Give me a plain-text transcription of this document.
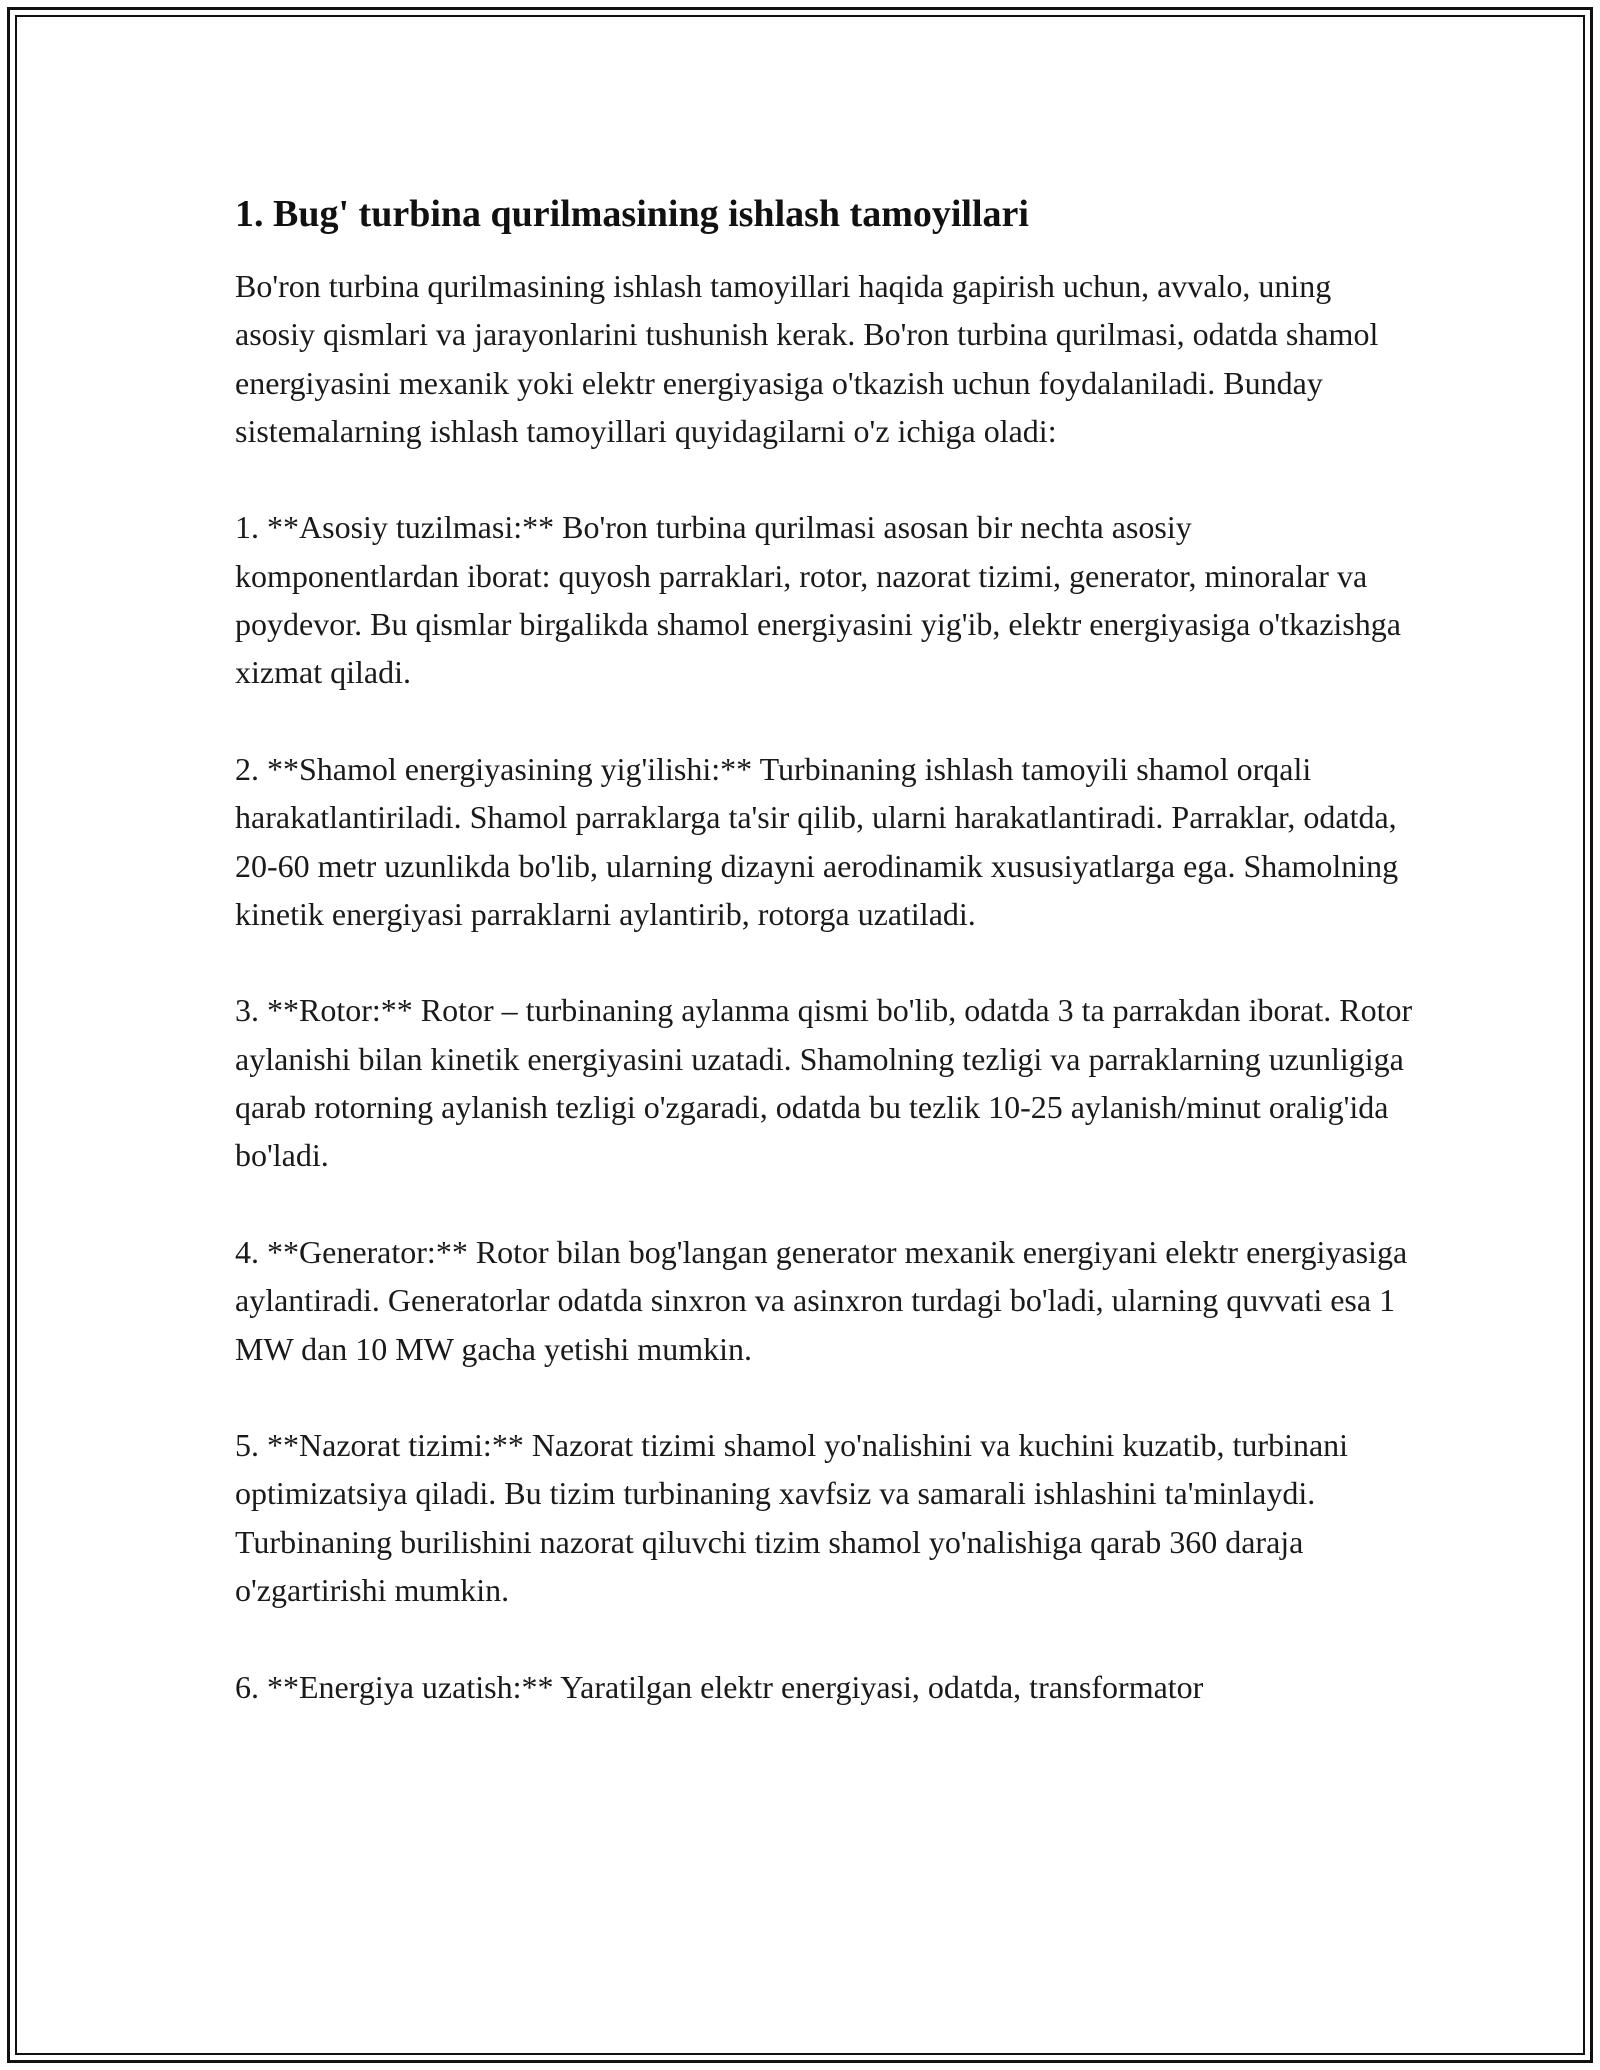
1. Bug' turbina qurilmasining ishlash tamoyillari

Bo'ron turbina qurilmasining ishlash tamoyillari haqida gapirish uchun, avvalo, uning asosiy qismlari va jarayonlarini tushunish kerak. Bo'ron turbina qurilmasi, odatda shamol energiyasini mexanik yoki elektr energiyasiga o'tkazish uchun foydalaniladi. Bunday sistemalarning ishlash tamoyillari quyidagilarni o'z ichiga oladi:

1. **Asosiy tuzilmasi:** Bo'ron turbina qurilmasi asosan bir nechta asosiy komponentlardan iborat: quyosh parraklari, rotor, nazorat tizimi, generator, minoralar va poydevor. Bu qismlar birgalikda shamol energiyasini yig'ib, elektr energiyasiga o'tkazishga xizmat qiladi.

2. **Shamol energiyasining yig'ilishi:** Turbinaning ishlash tamoyili shamol orqali harakatlantiriladi. Shamol parraklarga ta'sir qilib, ularni harakatlantiradi. Parraklar, odatda, 20-60 metr uzunlikda bo'lib, ularning dizayni aerodinamik xususiyatlarga ega. Shamolning kinetik energiyasi parraklarni aylantirib, rotorga uzatiladi.

3. **Rotor:** Rotor – turbinaning aylanma qismi bo'lib, odatda 3 ta parrakdan iborat. Rotor aylanishi bilan kinetik energiyasini uzatadi. Shamolning tezligi va parraklarning uzunligiga qarab rotorning aylanish tezligi o'zgaradi, odatda bu tezlik 10-25 aylanish/minut oralig'ida bo'ladi.

4. **Generator:** Rotor bilan bog'langan generator mexanik energiyani elektr energiyasiga aylantiradi. Generatorlar odatda sinxron va asinxron turdagi bo'ladi, ularning quvvati esa 1 MW dan 10 MW gacha yetishi mumkin.

5. **Nazorat tizimi:** Nazorat tizimi shamol yo'nalishini va kuchini kuzatib, turbinani optimizatsiya qiladi. Bu tizim turbinaning xavfsiz va samarali ishlashini ta'minlaydi. Turbinaning burilishini nazorat qiluvchi tizim shamol yo'nalishiga qarab 360 daraja o'zgartirishi mumkin.

6. **Energiya uzatish:** Yaratilgan elektr energiyasi, odatda, transformator
